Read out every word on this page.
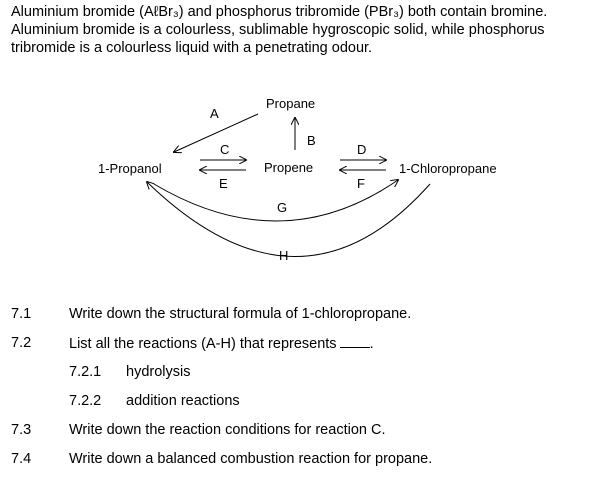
Aluminium bromide (AℓBr₃) and phosphorus tribromide (PBr₃) both contain bromine.
Aluminium bromide is a colourless, sublimable hygroscopic solid, while phosphorus
tribromide is a colourless liquid with a penetrating odour.
Propane
Propene
1-Propanol	1-Chloropropane
A
B
C
E
D
F
G
H
7.1	Write down the structural formula of 1-chloropropane.
7.2	List all the reactions (A-H) that represents .
7.2.1 hydrolysis
7.2.2 addition reactions
7.3	Write down the reaction conditions for reaction C.
7.4	Write down a balanced combustion reaction for propane.
